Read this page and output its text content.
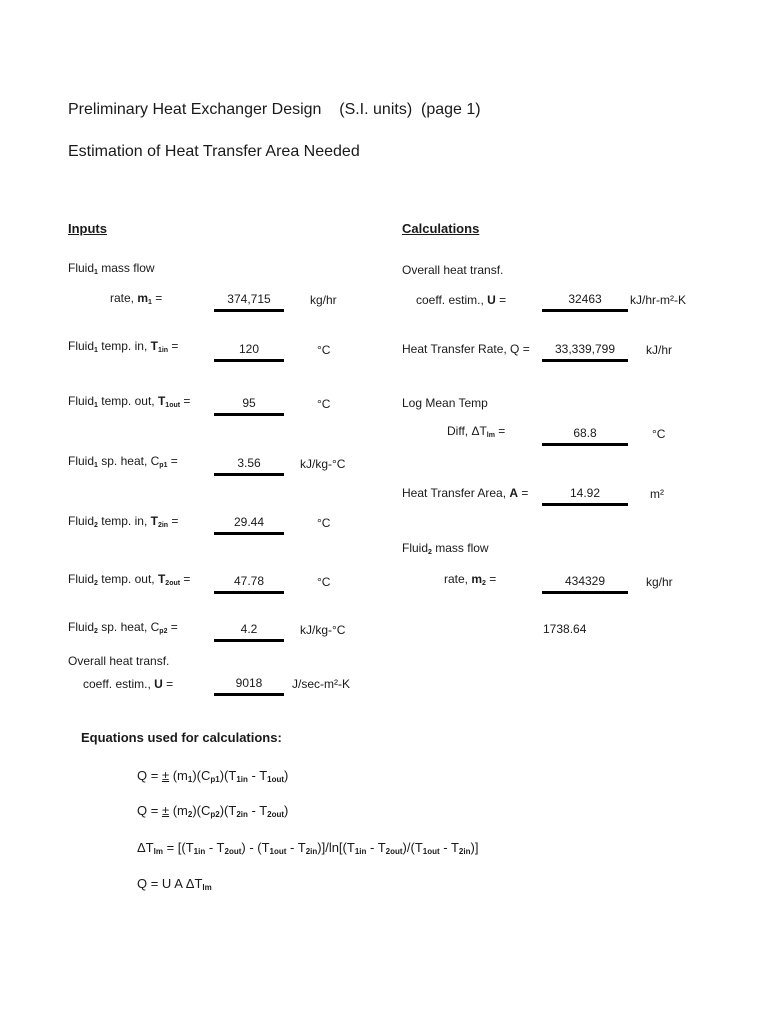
Preliminary Heat Exchanger Design (S.I. units) (page 1)
Estimation of Heat Transfer Area Needed
Inputs	Calculations
Fluid$_1$ mass flow
rate, $m_1$ =	374,715	kg/hr
Fluid$_1$ temp. in, $T_{1in}$ =	120	°C
Fluid$_1$ temp. out, $T_{1out}$ =	95	°C
Fluid$_1$ sp. heat, $C_{p1}$ =	3.56	kJ/kg-°C
Fluid$_2$ temp. in, $T_{2in}$ =	29.44	°C
Fluid$_2$ temp. out, $T_{2out}$ =	47.78	°C
Fluid$_2$ sp. heat, $C_{p2}$ =	4.2	kJ/kg-°C
Overall heat transf.
coeff. estim., U =	9018	J/sec-m²-K
Overall heat transf.
coeff. estim., U =	32463	kJ/hr-m²-K
Heat Transfer Rate, Q =	33,339,799	kJ/hr
Log Mean Temp
Diff, $\Delta T_{lm}$ =	68.8	°C
Heat Transfer Area, A =	14.92	m²
Fluid$_2$ mass flow
rate, $m_2$ =	434329	kg/hr
1738.64
Equations used for calculations:
Q = ± $(m_1)(C_{p1})(T_{1in} - T_{1out})$
Q = ± $(m_2)(C_{p2})(T_{2in} - T_{2out})$
$\Delta T_{lm} = [(T_{1in} - T_{2out}) - (T_{1out} - T_{2in})]/\ln[(T_{1in} - T_{2out})/(T_{1out} - T_{2in})]$
Q = U A $\Delta T_{lm}$
